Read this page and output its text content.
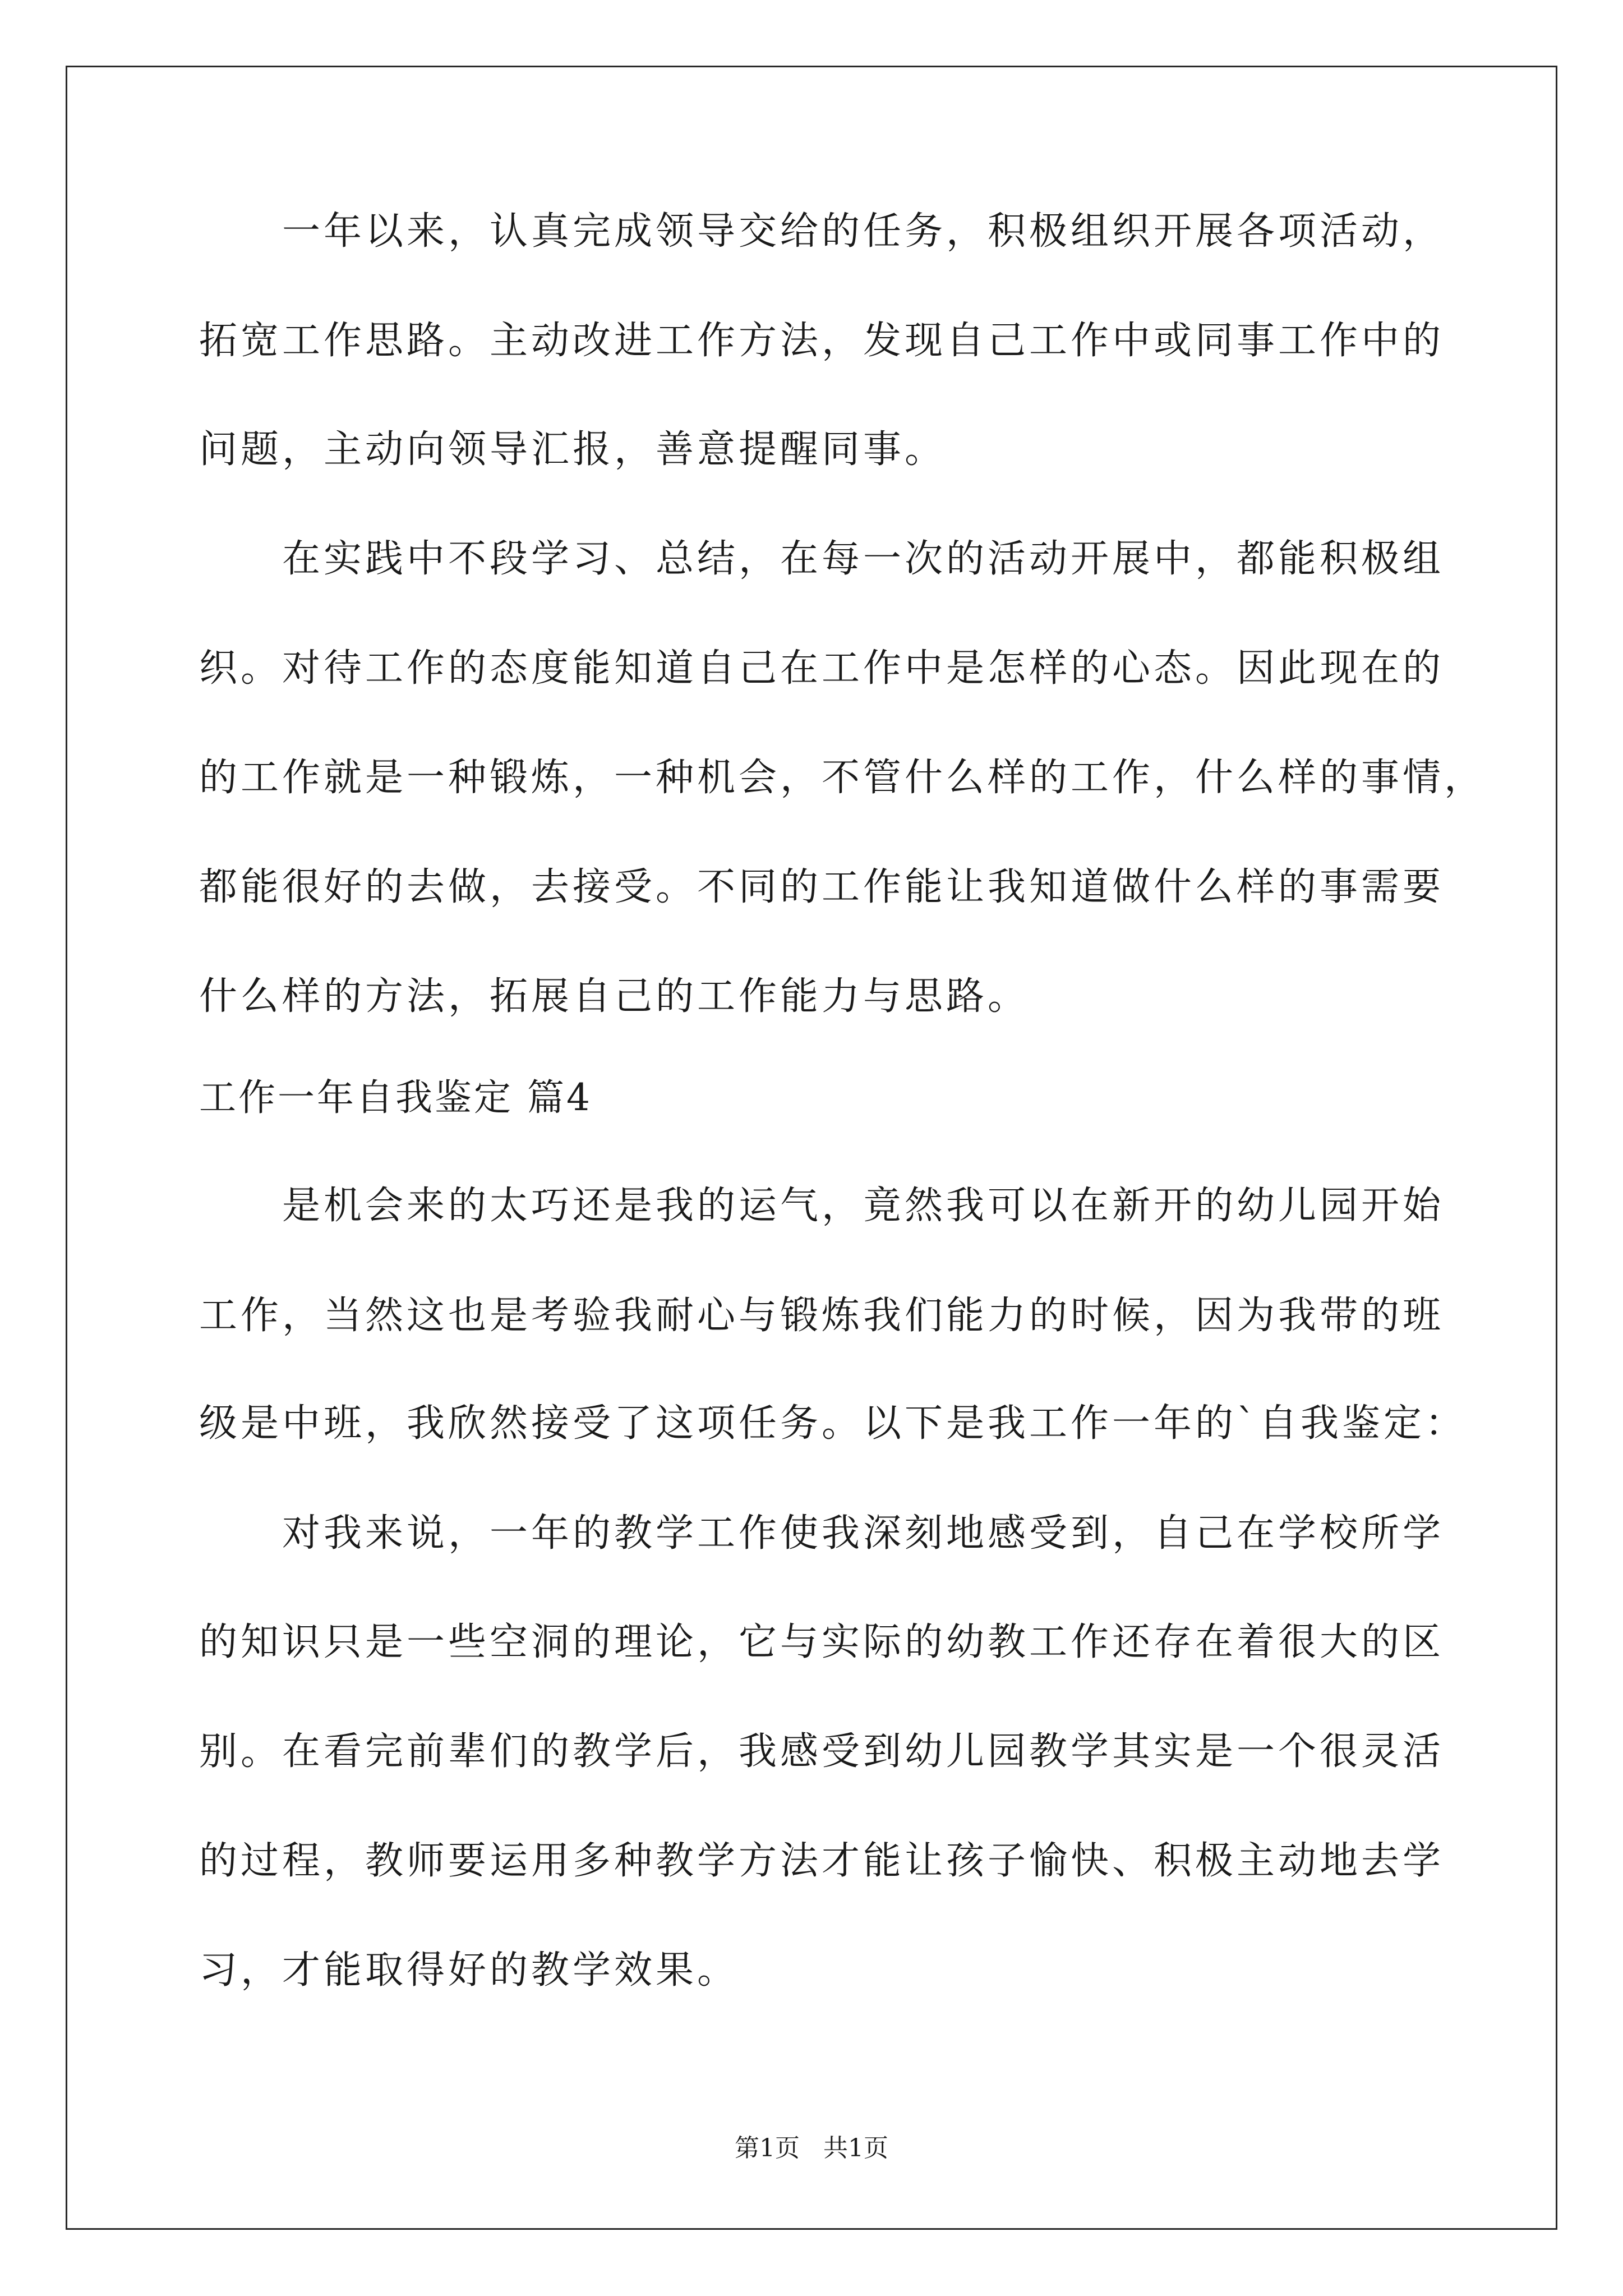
一年以来，认真完成领导交给的任务，积极组织开展各项活动，
拓宽工作思路。主动改进工作方法，发现自己工作中或同事工作中的
问题，主动向领导汇报，善意提醒同事。
在实践中不段学习、总结，在每一次的活动开展中，都能积极组
织。对待工作的态度能知道自己在工作中是怎样的心态。因此现在的
的工作就是一种锻炼，一种机会，不管什么样的工作，什么样的事情，
都能很好的去做，去接受。不同的工作能让我知道做什么样的事需要
什么样的方法，拓展自己的工作能力与思路。
工作一年自我鉴定 篇4
是机会来的太巧还是我的运气，竟然我可以在新开的幼儿园开始
工作，当然这也是考验我耐心与锻炼我们能力的时候，因为我带的班
级是中班，我欣然接受了这项任务。以下是我工作一年的`自我鉴定：
对我来说，一年的教学工作使我深刻地感受到，自己在学校所学
的知识只是一些空洞的理论，它与实际的幼教工作还存在着很大的区
别。在看完前辈们的教学后，我感受到幼儿园教学其实是一个很灵活
的过程，教师要运用多种教学方法才能让孩子愉快、积极主动地去学
习，才能取得好的教学效果。
第1页   共1页
